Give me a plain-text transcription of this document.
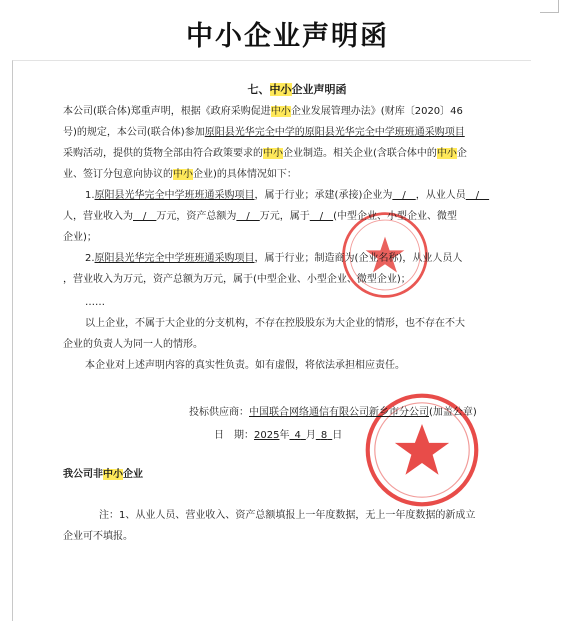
中小企业声明函
七、中小企业声明函
本公司(联合体)郑重声明，根据《政府采购促进中小企业发展管理办法》(财库〔2020〕46
号)的规定，本公司(联合体)参加原阳县光华完全中学的原阳县光华完全中学班班通采购项目
采购活动，提供的货物全部由符合政策要求的中小企业制造。相关企业(含联合体中的中小企
业、签订分包意向协议的中小企业)的具体情况如下：
1.原阳县光华完全中学班班通采购项目，属于行业；承建(承接)企业为 / ，从业人员 / 
人，营业收入为 / 万元，资产总额为 / 万元，属于 / (中型企业、小型企业、微型
企业)；
2.原阳县光华完全中学班班通采购项目，属于行业；制造商为(企业名称)，从业人员人
，营业收入为万元，资产总额为万元，属于(中型企业、小型企业、微型企业)；
……
以上企业，不属于大企业的分支机构，不存在控股股东为大企业的情形，也不存在不大
企业的负责人为同一人的情形。
本企业对上述声明内容的真实性负责。如有虚假，将依法承担相应责任。
投标供应商：中国联合网络通信有限公司新乡市分公司(加盖公章)
日　期：2025年  4  月  8  日
我公司非中小企业
注：1、从业人员、营业收入、资产总额填报上一年度数据，无上一年度数据的新成立
企业可不填报。
